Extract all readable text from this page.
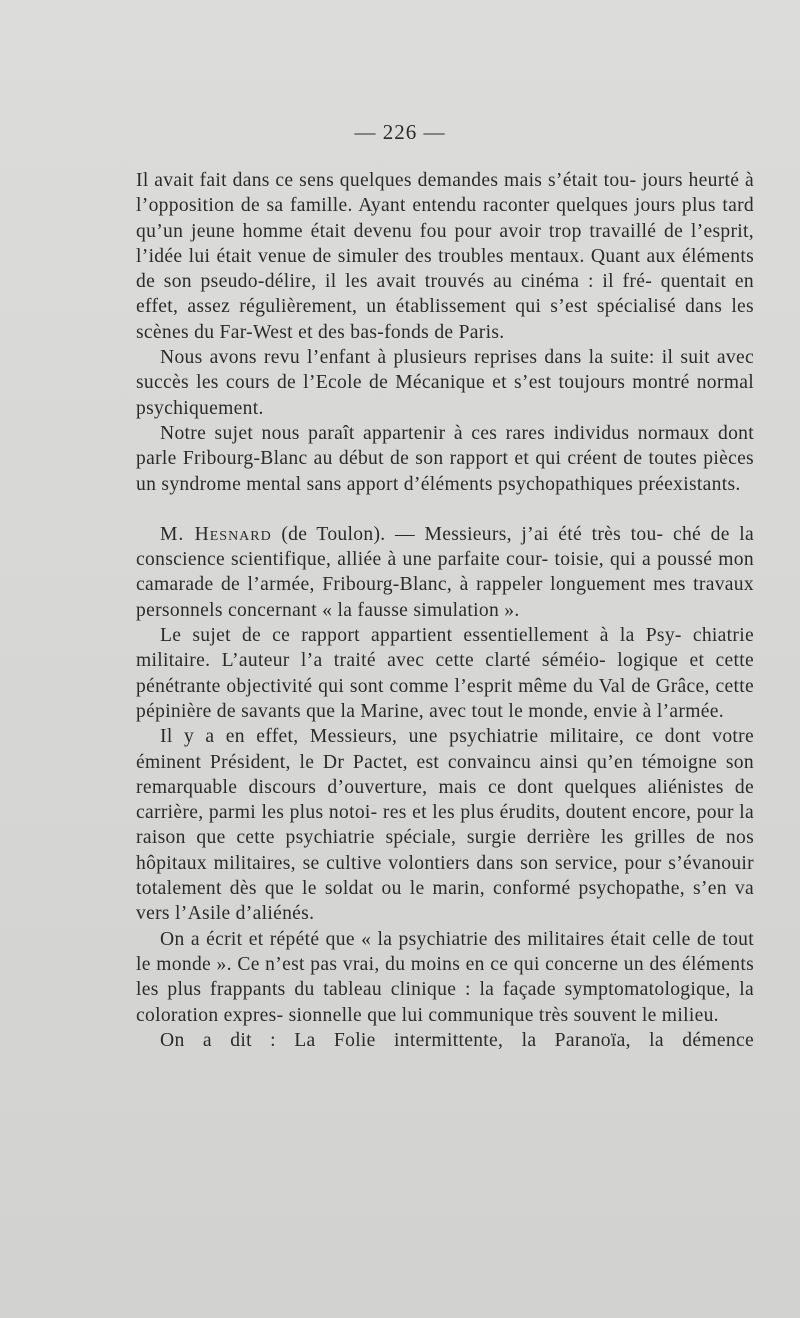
— 226 —

Il avait fait dans ce sens quelques demandes mais s’était tou- jours heurté à l’opposition de sa famille. Ayant entendu raconter quelques jours plus tard qu’un jeune homme était devenu fou pour avoir trop travaillé de l’esprit, l’idée lui était venue de simuler des troubles mentaux. Quant aux éléments de son pseudo-délire, il les avait trouvés au cinéma : il fré- quentait en effet, assez régulièrement, un établissement qui s’est spécialisé dans les scènes du Far-West et des bas-fonds de Paris.

Nous avons revu l’enfant à plusieurs reprises dans la suite: il suit avec succès les cours de l’Ecole de Mécanique et s’est toujours montré normal psychiquement.

Notre sujet nous paraît appartenir à ces rares individus normaux dont parle Fribourg-Blanc au début de son rapport et qui créent de toutes pièces un syndrome mental sans apport d’éléments psychopathiques préexistants.

M. Hesnard (de Toulon). — Messieurs, j’ai été très tou- ché de la conscience scientifique, alliée à une parfaite cour- toisie, qui a poussé mon camarade de l’armée, Fribourg-Blanc, à rappeler longuement mes travaux personnels concernant « la fausse simulation ».

Le sujet de ce rapport appartient essentiellement à la Psy- chiatrie militaire. L’auteur l’a traité avec cette clarté séméio- logique et cette pénétrante objectivité qui sont comme l’esprit même du Val de Grâce, cette pépinière de savants que la Marine, avec tout le monde, envie à l’armée.

Il y a en effet, Messieurs, une psychiatrie militaire, ce dont votre éminent Président, le Dr Pactet, est convaincu ainsi qu’en témoigne son remarquable discours d’ouverture, mais ce dont quelques aliénistes de carrière, parmi les plus notoi- res et les plus érudits, doutent encore, pour la raison que cette psychiatrie spéciale, surgie derrière les grilles de nos hôpitaux militaires, se cultive volontiers dans son service, pour s’évanouir totalement dès que le soldat ou le marin, conformé psychopathe, s’en va vers l’Asile d’aliénés.

On a écrit et répété que « la psychiatrie des militaires était celle de tout le monde ». Ce n’est pas vrai, du moins en ce qui concerne un des éléments les plus frappants du tableau clinique : la façade symptomatologique, la coloration expres- sionnelle que lui communique très souvent le milieu.

On a dit : La Folie intermittente, la Paranoïa, la démence
